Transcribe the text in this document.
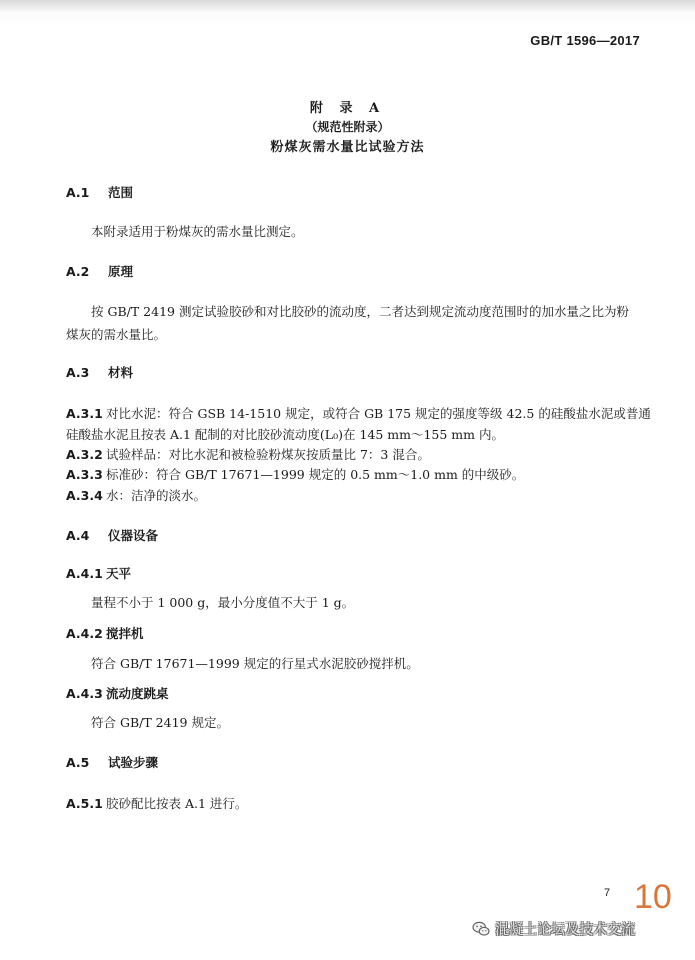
GB/T 1596—2017
附 录 A
（规范性附录）
粉煤灰需水量比试验方法
A.1 范围
本附录适用于粉煤灰的需水量比测定。
A.2 原理
按 GB/T 2419 测定试验胶砂和对比胶砂的流动度，二者达到规定流动度范围时的加水量之比为粉
煤灰的需水量比。
A.3 材料
A.3.1 对比水泥：符合 GSB 14-1510 规定，或符合 GB 175 规定的强度等级 42.5 的硅酸盐水泥或普通
硅酸盐水泥且按表 A.1 配制的对比胶砂流动度(L₀)在 145 mm～155 mm 内。
A.3.2 试验样品：对比水泥和被检验粉煤灰按质量比 7：3 混合。
A.3.3 标准砂：符合 GB/T 17671—1999 规定的 0.5 mm～1.0 mm 的中级砂。
A.3.4 水：洁净的淡水。
A.4 仪器设备
A.4.1 天平
量程不小于 1 000 g，最小分度值不大于 1 g。
A.4.2 搅拌机
符合 GB/T 17671—1999 规定的行星式水泥胶砂搅拌机。
A.4.3 流动度跳桌
符合 GB/T 2419 规定。
A.5 试验步骤
A.5.1 胶砂配比按表 A.1 进行。
7 10
混凝土论坛及技术交流
